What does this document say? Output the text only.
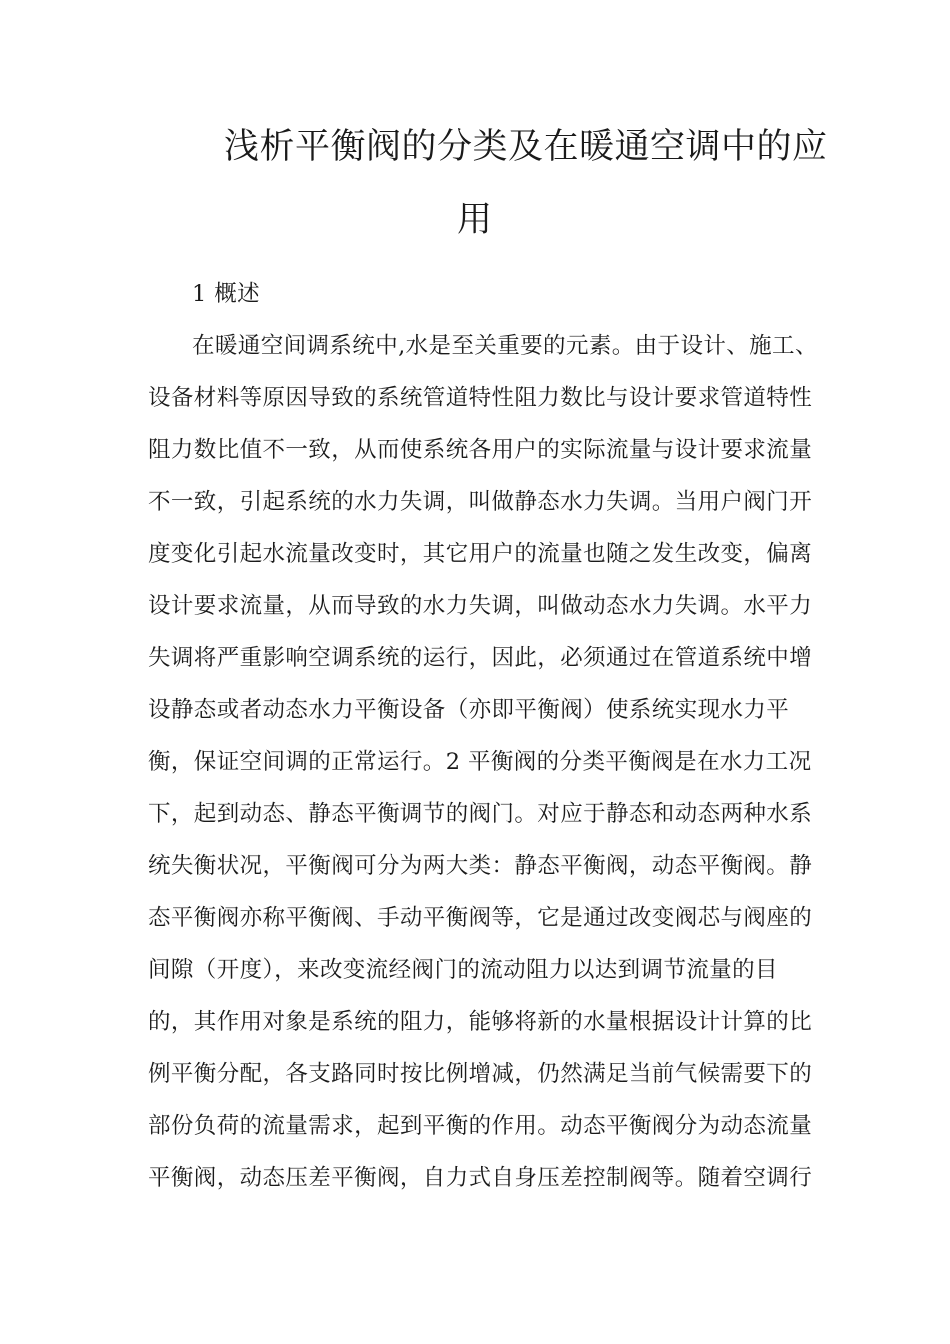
浅析平衡阀的分类及在暖通空调中的应
用
1 概述
在暖通空间调系统中,水是至关重要的元素。由于设计、施工、
设备材料等原因导致的系统管道特性阻力数比与设计要求管道特性
阻力数比值不一致，从而使系统各用户的实际流量与设计要求流量
不一致，引起系统的水力失调，叫做静态水力失调。当用户阀门开
度变化引起水流量改变时，其它用户的流量也随之发生改变，偏离
设计要求流量，从而导致的水力失调，叫做动态水力失调。水平力
失调将严重影响空调系统的运行，因此，必须通过在管道系统中增
设静态或者动态水力平衡设备（亦即平衡阀）使系统实现水力平
衡，保证空间调的正常运行。2 平衡阀的分类平衡阀是在水力工况
下，起到动态、静态平衡调节的阀门。对应于静态和动态两种水系
统失衡状况，平衡阀可分为两大类：静态平衡阀，动态平衡阀。静
态平衡阀亦称平衡阀、手动平衡阀等，它是通过改变阀芯与阀座的
间隙（开度），来改变流经阀门的流动阻力以达到调节流量的目
的，其作用对象是系统的阻力，能够将新的水量根据设计计算的比
例平衡分配，各支路同时按比例增减，仍然满足当前气候需要下的
部份负荷的流量需求，起到平衡的作用。动态平衡阀分为动态流量
平衡阀，动态压差平衡阀，自力式自身压差控制阀等。随着空调行
